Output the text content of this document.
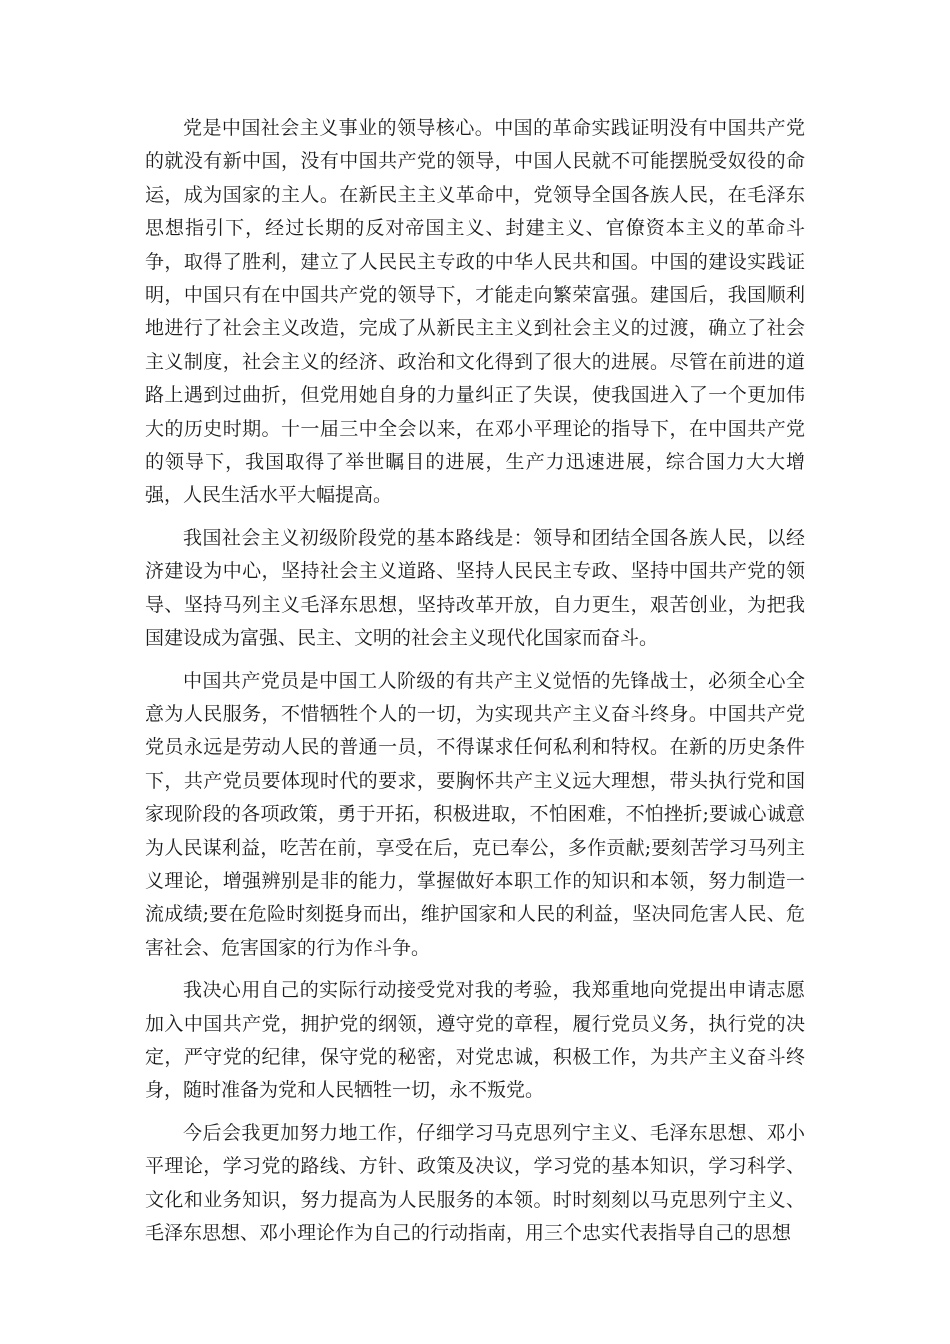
党是中国社会主义事业的领导核心。中国的革命实践证明没有中国共产党的就没有新中国，没有中国共产党的领导，中国人民就不可能摆脱受奴役的命运，成为国家的主人。在新民主主义革命中，党领导全国各族人民，在毛泽东思想指引下，经过长期的反对帝国主义、封建主义、官僚资本主义的革命斗争，取得了胜利，建立了人民民主专政的中华人民共和国。中国的建设实践证明，中国只有在中国共产党的领导下，才能走向繁荣富强。建国后，我国顺利地进行了社会主义改造，完成了从新民主主义到社会主义的过渡，确立了社会主义制度，社会主义的经济、政治和文化得到了很大的进展。尽管在前进的道路上遇到过曲折，但党用她自身的力量纠正了失误，使我国进入了一个更加伟大的历史时期。十一届三中全会以来，在邓小平理论的指导下，在中国共产党的领导下，我国取得了举世瞩目的进展，生产力迅速进展，综合国力大大增强，人民生活水平大幅提高。

我国社会主义初级阶段党的基本路线是：领导和团结全国各族人民，以经济建设为中心，坚持社会主义道路、坚持人民民主专政、坚持中国共产党的领导、坚持马列主义毛泽东思想，坚持改革开放，自力更生，艰苦创业，为把我国建设成为富强、民主、文明的社会主义现代化国家而奋斗。

中国共产党员是中国工人阶级的有共产主义觉悟的先锋战士，必须全心全意为人民服务，不惜牺牲个人的一切，为实现共产主义奋斗终身。中国共产党党员永远是劳动人民的普通一员，不得谋求任何私利和特权。在新的历史条件下，共产党员要体现时代的要求，要胸怀共产主义远大理想，带头执行党和国家现阶段的各项政策，勇于开拓，积极进取，不怕困难，不怕挫折;要诚心诚意为人民谋利益，吃苦在前，享受在后，克已奉公，多作贡献;要刻苦学习马列主义理论，增强辨别是非的能力，掌握做好本职工作的知识和本领，努力制造一流成绩;要在危险时刻挺身而出，维护国家和人民的利益，坚决同危害人民、危害社会、危害国家的行为作斗争。

我决心用自己的实际行动接受党对我的考验，我郑重地向党提出申请志愿加入中国共产党，拥护党的纲领，遵守党的章程，履行党员义务，执行党的决定，严守党的纪律，保守党的秘密，对党忠诚，积极工作，为共产主义奋斗终身，随时准备为党和人民牺牲一切，永不叛党。

今后会我更加努力地工作，仔细学习马克思列宁主义、毛泽东思想、邓小平理论，学习党的路线、方针、政策及决议，学习党的基本知识，学习科学、文化和业务知识，努力提高为人民服务的本领。时时刻刻以马克思列宁主义、毛泽东思想、邓小理论作为自己的行动指南，用三个忠实代表指导自己的思想
